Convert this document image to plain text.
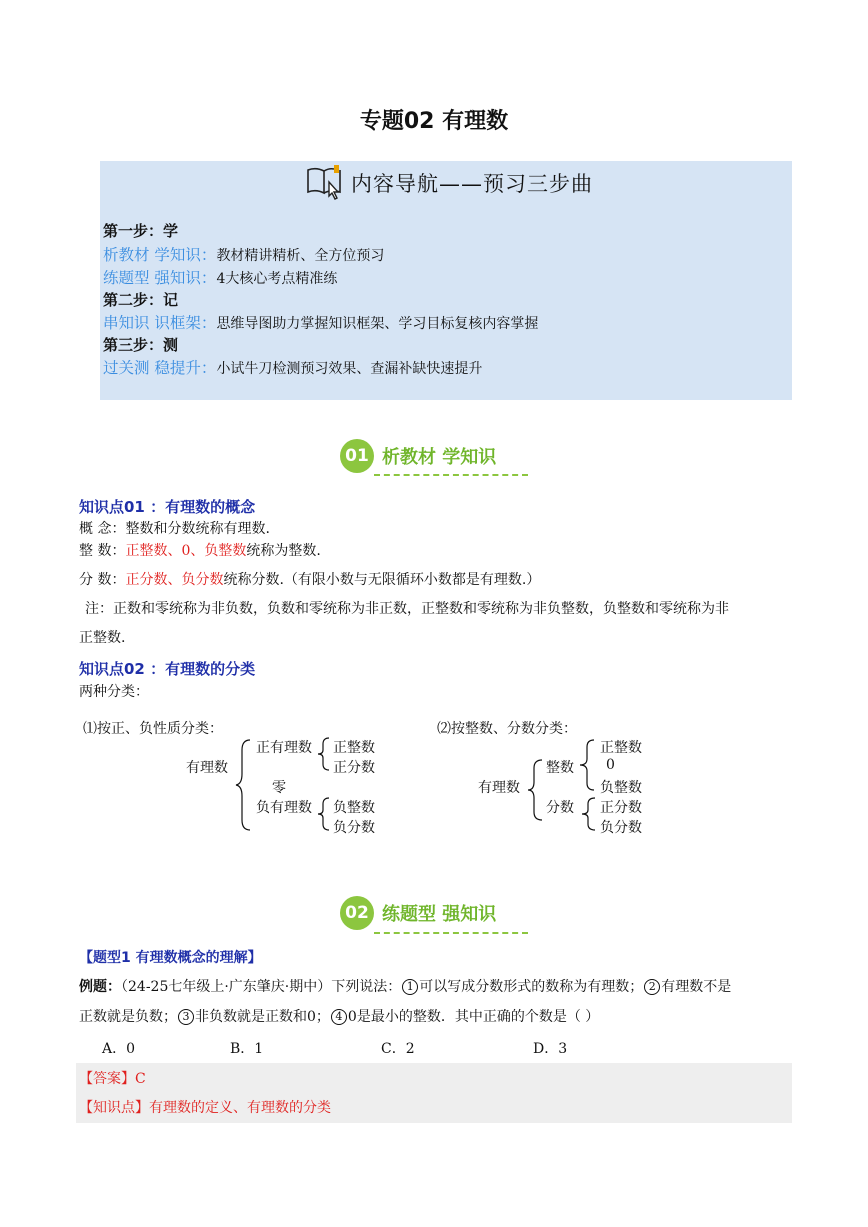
专题02 有理数
内容导航——预习三步曲
第一步：学
析教材 学知识：教材精讲精析、全方位预习
练题型 强知识：4大核心考点精准练
第二步：记
串知识 识框架：思维导图助力掌握知识框架、学习目标复核内容掌握
第三步：测
过关测 稳提升：小试牛刀检测预习效果、查漏补缺快速提升
01 析教材 学知识
知识点01 ：有理数的概念
概 念：整数和分数统称有理数.
整 数：正整数、0、负整数统称为整数.
分 数：正分数、负分数统称分数.（有限小数与无限循环小数都是有理数.）
注：正数和零统称为非负数，负数和零统称为非正数，正整数和零统称为非负整数，负整数和零统称为非
正整数.
知识点02 ：有理数的分类
两种分类：
⑴按正、负性质分类：
有理数
正有理数 正整数
正分数
零
负有理数 负整数
负分数
⑵按整数、分数分类：
有理数
整数
正整数
0
负整数
分数 正分数
负分数
02 练题型 强知识
【题型1 有理数概念的理解】
例题：（24-25七年级上·广东肇庆·期中）下列说法： 1 可以写成分数形式的数称为有理数； 2 有理数不是
正数就是负数； 3 非负数就是正数和0； 4 0是最小的整数．其中正确的个数是（ ）
A．0	B．1	C．2	D．3
【答案】C
【知识点】有理数的定义、有理数的分类
